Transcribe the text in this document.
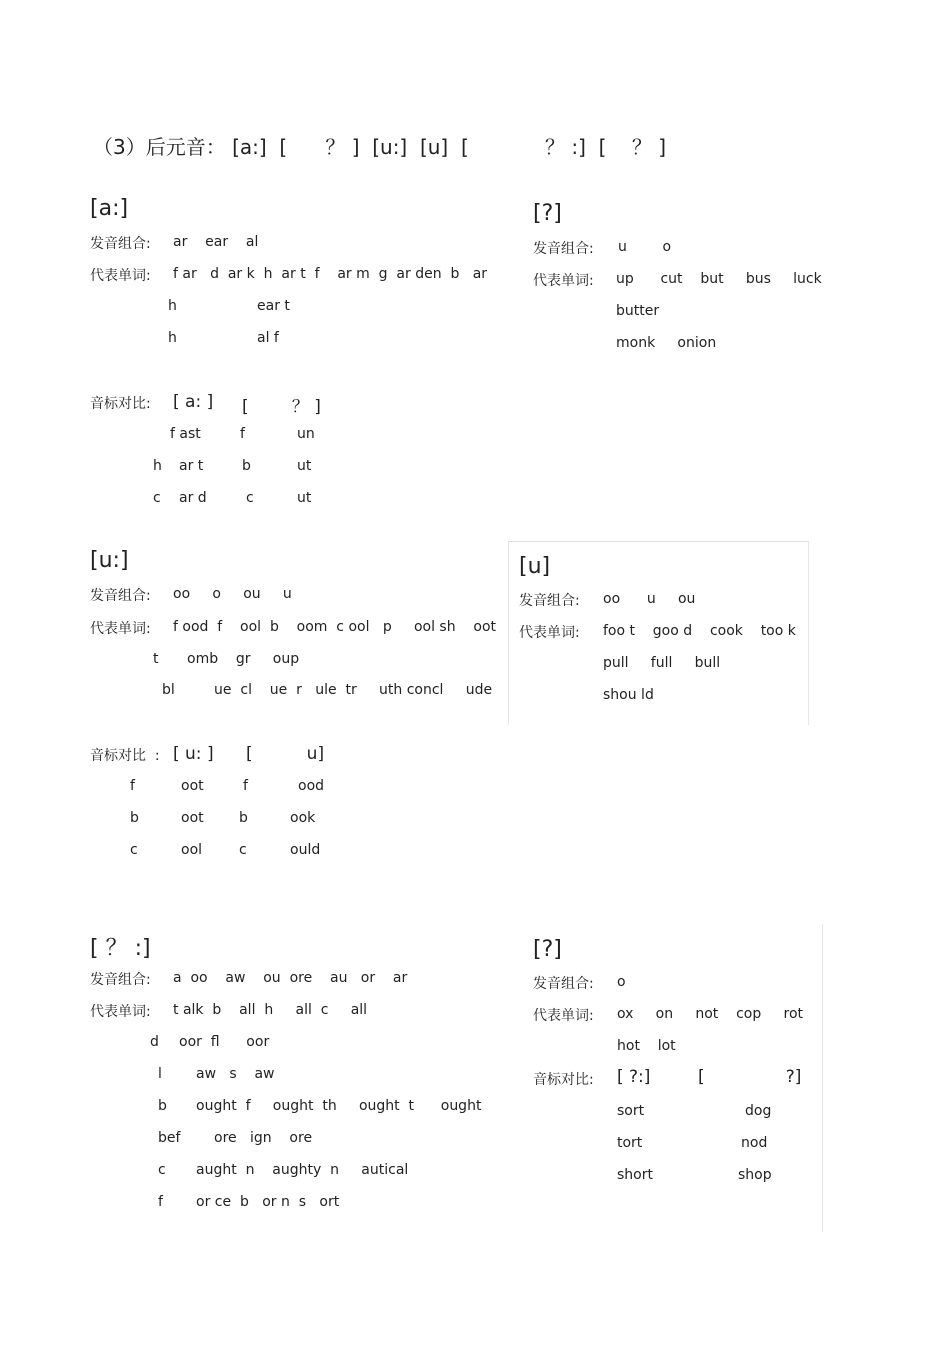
（3）后元音： [a:]  [      ？ ]  [u:]  [u]  [            ？ :]  [    ？ ]
[a:]
发音组合: ar    ear    al
代表单词: f ar   d  ar k  h  ar t  f    ar m  g  ar den  b   ar
h	ear t
h	al f
音标对比: [ a: ] [        ？ ]
f ast	f	un
h ar t	b	ut
c ar d	c	ut
[?]
发音组合: u        o
代表单词: up      cut    but     bus     luck
butter
monk     onion
[u:]
发音组合: oo     o     ou     u
代表单词: f ood  f    ool  b    oom  c ool   p     ool sh    oot
t omb    gr     oup
bl	ue  cl    ue  r   ule  tr     uth concl     ude
音标对比  : [ u: ] [          u]
f	oot	f	ood
b	oot	b	ook
c	ool	c	ould
[u]
发音组合: oo      u     ou
代表单词: foo t    goo d    cook    too k
pull     full     bull
shou ld
[ ？ :]
发音组合: a  oo    aw    ou  ore    au   or    ar
代表单词: t alk  b    all  h     all  c     all
d oor  fl      oor
l aw   s    aw
b ought  f     ought  th     ought  t      ought
bef ore   ign    ore
c aught  n    aughty  n     autical
f or ce  b   or n  s   ort
[?]
发音组合: o
代表单词: ox     on     not    cop     rot
hot    lot
音标对比: [ ?:]	[               ?]
sort	dog
tort	nod
short	shop
